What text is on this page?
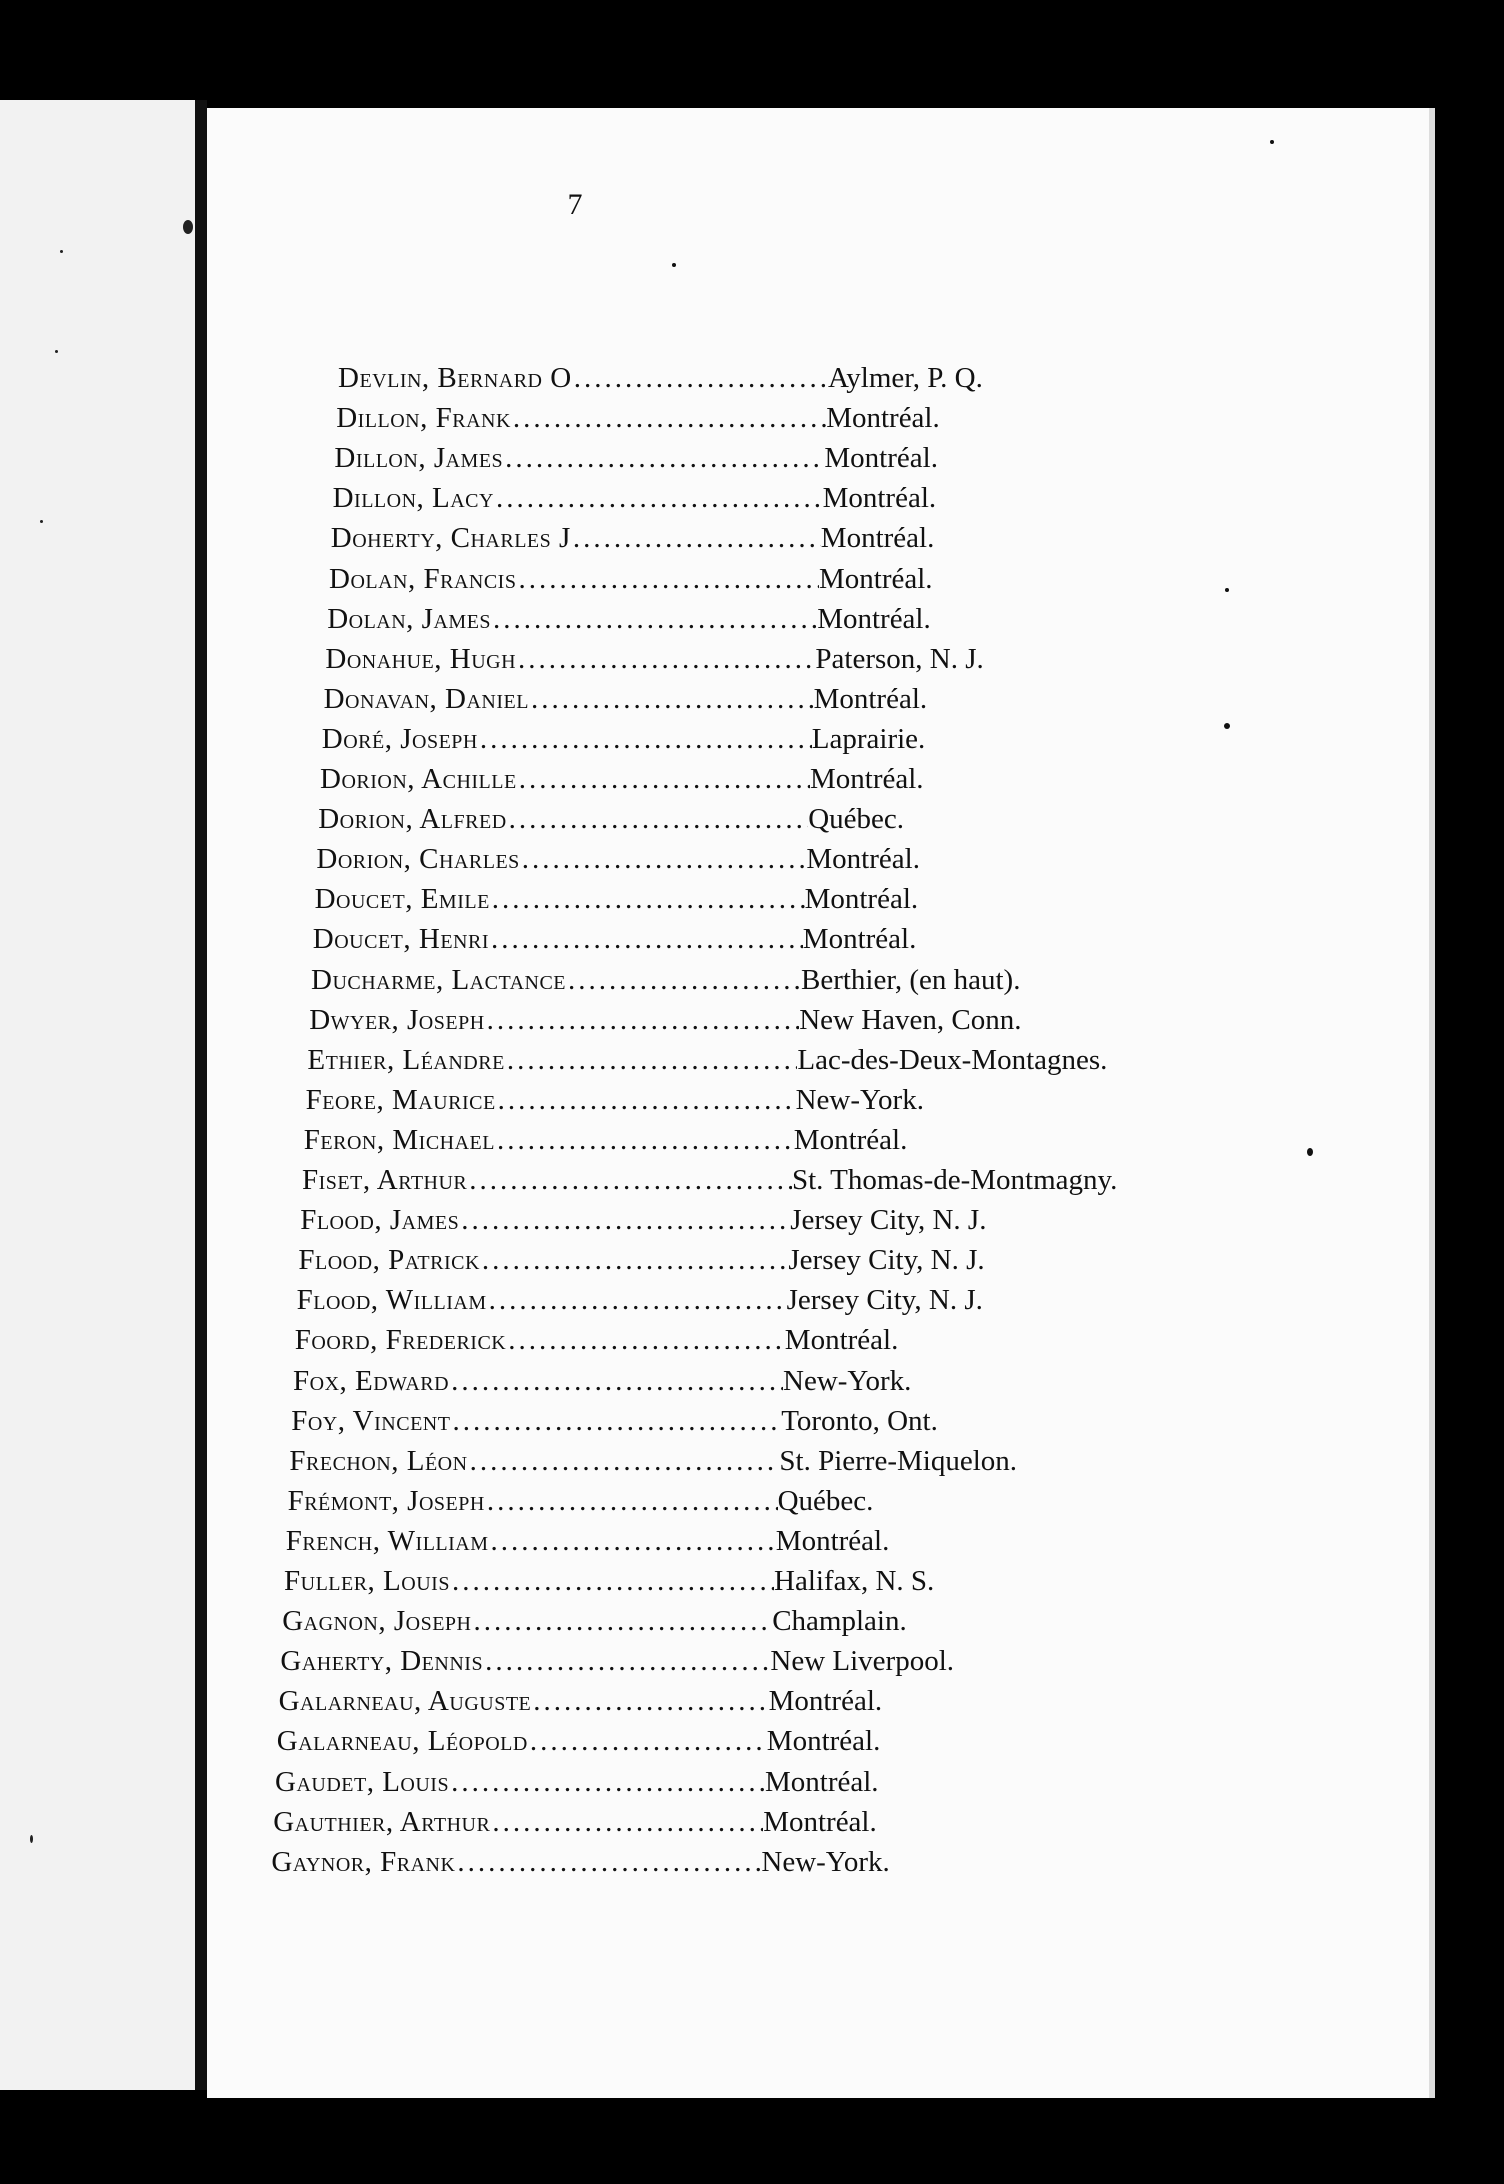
7
Devlin, Bernard O .....	Aylmer, P. Q.
Dillon, Frank .....	Montréal.
Dillon, James .....	Montréal.
Dillon, Lacy .....	Montréal.
Doherty, Charles J .....	Montréal.
Dolan, Francis .....	Montréal.
Dolan, James .....	Montréal.
Donahue, Hugh .....	Paterson, N. J.
Donavan, Daniel .....	Montréal.
Doré, Joseph .....	Laprairie.
Dorion, Achille .....	Montréal.
Dorion, Alfred .....	Québec.
Dorion, Charles .....	Montréal.
Doucet, Emile .....	Montréal.
Doucet, Henri .....	Montréal.
Ducharme, Lactance .....	Berthier, (en haut).
Dwyer, Joseph .....	New Haven, Conn.
Ethier, Léandre .....	Lac-des-Deux-Montagnes.
Feore, Maurice .....	New-York.
Feron, Michael .....	Montréal.
Fiset, Arthur .....	St. Thomas-de-Montmagny.
Flood, James .....	Jersey City, N. J.
Flood, Patrick .....	Jersey City, N. J.
Flood, William .....	Jersey City, N. J.
Foord, Frederick .....	Montréal.
Fox, Edward .....	New-York.
Foy, Vincent .....	Toronto, Ont.
Frechon, Léon .....	St. Pierre-Miquelon.
Frémont, Joseph .....	Québec.
French, William .....	Montréal.
Fuller, Louis .....	Halifax, N. S.
Gagnon, Joseph .....	Champlain.
Gaherty, Dennis .....	New Liverpool.
Galarneau, Auguste .....	Montréal.
Galarneau, Léopold .....	Montréal.
Gaudet, Louis .....	Montréal.
Gauthier, Arthur .....	Montréal.
Gaynor, Frank .....	New-York.
